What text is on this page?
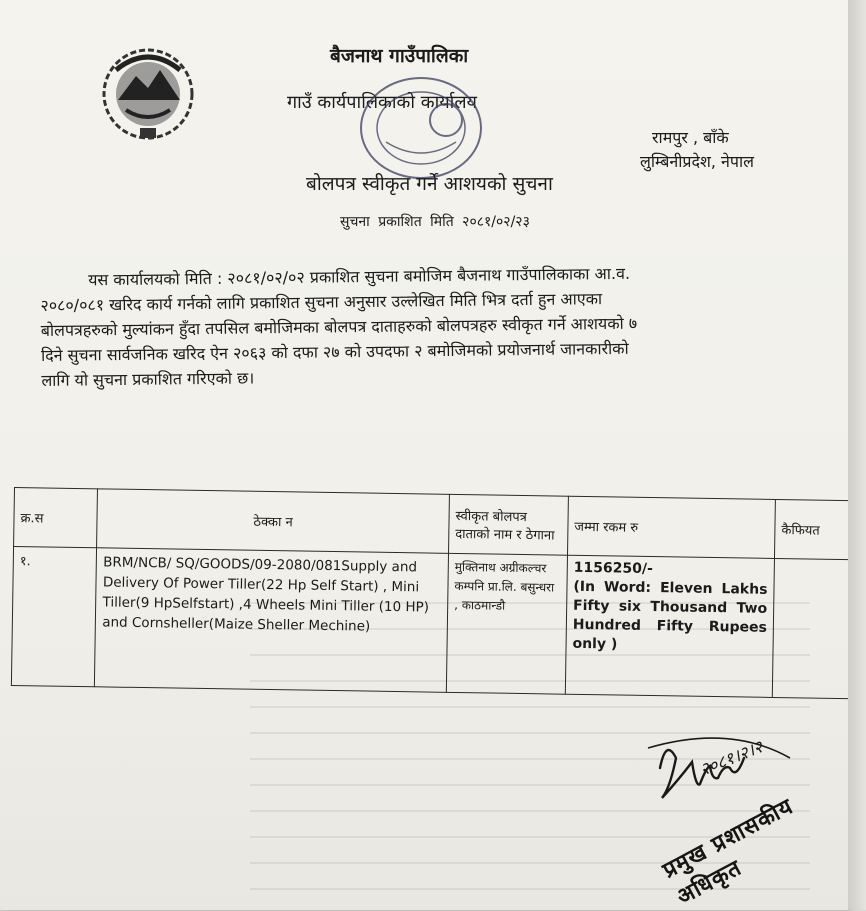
बैजनाथ गाउँपालिका
गाउँ कार्यपालिकाको कार्यालय
रामपुर , बाँके
लुम्बिनीप्रदेश, नेपाल
बोलपत्र स्वीकृत गर्ने आशयको सुचना
सुचना प्रकाशित मिति २०८१/०२/२३
यस कार्यालयको मिति : २०८१/०२/०२ प्रकाशित सुचना बमोजिम बैजनाथ गाउँपालिकाका आ.व.
२०८०/०८१ खरिद कार्य गर्नको लागि प्रकाशित सुचना अनुसार उल्लेखित मिति भित्र दर्ता हुन आएका
बोलपत्रहरुको मुल्यांकन हुँदा तपसिल बमोजिमका बोलपत्र दाताहरुको बोलपत्रहरु स्वीकृत गर्ने आशयको ७
दिने सुचना सार्वजनिक खरिद ऐन २०६३ को दफा २७ को उपदफा २ बमोजिमको प्रयोजनार्थ जानकारीको
लागि यो सुचना प्रकाशित गरिएको छ।
क्र.स	ठेक्का न	स्वीकृत बोलपत्र दाताको नाम र ठेगाना	जम्मा रकम रु	कैफियत
१.	BRM/NCB/ SQ/GOODS/09-2080/081Supply and Delivery Of Power Tiller(22 Hp Self Start) , Mini Tiller(9 HpSelfstart) ,4 Wheels Mini Tiller (10 HP) and Cornsheller(Maize Sheller Mechine)	मुक्तिनाथ अग्रीकल्चर कम्पनि प्रा.लि. बसुन्धरा , काठमान्डौ	1156250/-
(In Word: Eleven Lakhs Fifty six Thousand Two Hundred Fifty Rupees only )	

२०८१।२।२
प्रमुख प्रशासकीय अधिकृत
